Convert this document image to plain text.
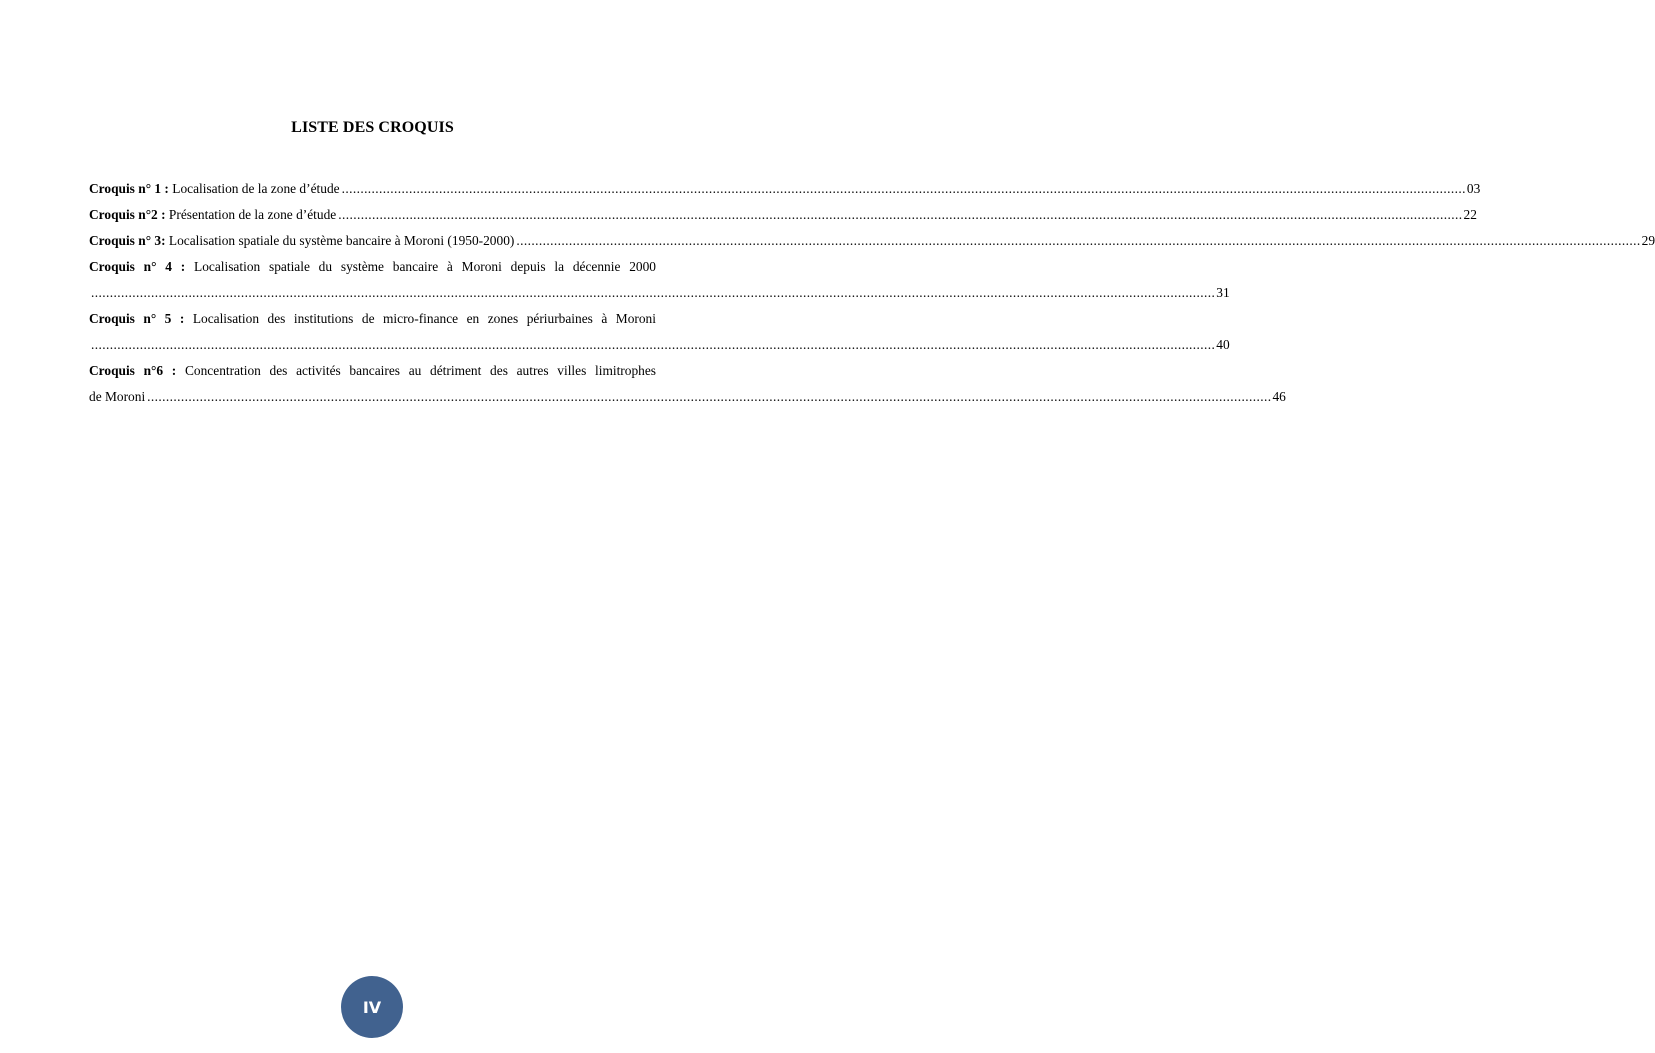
LISTE DES CROQUIS
Croquis n° 1 :
Localisation de la zone d’étude ............................................................................................................................................................................................................................................................................................................ 03
Croquis n°2 :
Présentation de la zone d’étude ............................................................................................................................................................................................................................................................................................................ 22
Croquis n° 3:
Localisation spatiale du système bancaire à Moroni (1950-2000) ............................................................................................................................................................................................................................................................................................................ 29
Croquis n° 4 : Localisation spatiale du système bancaire à Moroni depuis la décennie 2000
............................................................................................................................................................................................................................................................................................................ 31
Croquis n° 5 : Localisation des institutions de micro-finance en zones périurbaines à Moroni
............................................................................................................................................................................................................................................................................................................ 40
Croquis n°6 : Concentration des activités bancaires au détriment des autres villes limitrophes
de Moroni ............................................................................................................................................................................................................................................................................................................ 46
IV
